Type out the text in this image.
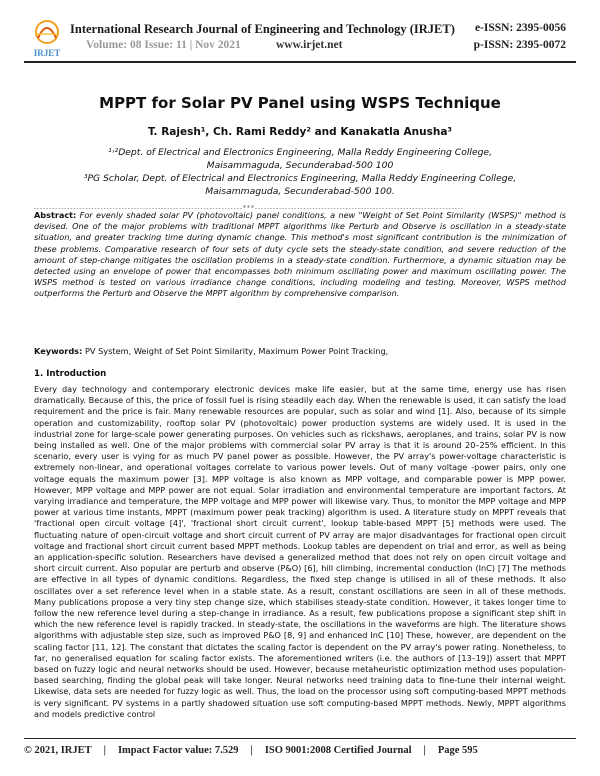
IRJET
International Research Journal of Engineering and Technology (IRJET)
Volume: 08 Issue: 11 | Nov 2021	www.irjet.net
e-ISSN: 2395-0056
p-ISSN: 2395-0072
MPPT for Solar PV Panel using WSPS Technique
T. Rajesh¹, Ch. Rami Reddy² and Kanakatla Anusha³
¹˒²Dept. of Electrical and Electronics Engineering, Malla Reddy Engineering College, Maisammaguda, Secunderabad-500 100
³PG Scholar, Dept. of Electrical and Electronics Engineering, Malla Reddy Engineering College, Maisammaguda, Secunderabad-500 100.
---------------------------------------------------------------------***---------------------------------------------------------------------
Abstract: For evenly shaded solar PV (photovoltaic) panel conditions, a new "Weight of Set Point Similarity (WSPS)" method is devised. One of the major problems with traditional MPPT algorithms like Perturb and Observe is oscillation in a steady-state situation, and greater tracking time during dynamic change. This method's most significant contribution is the minimization of these problems. Comparative research of four sets of duty cycle sets the steady-state condition, and severe reduction of the amount of step-change mitigates the oscillation problems in a steady-state condition. Furthermore, a dynamic situation may be detected using an envelope of power that encompasses both minimum oscillating power and maximum oscillating power. The WSPS method is tested on various irradiance change conditions, including modeling and testing. Moreover, WSPS method outperforms the Perturb and Observe the MPPT algorithm by comprehensive comparison.
Keywords: PV System, Weight of Set Point Similarity, Maximum Power Point Tracking,
1. Introduction

Every day technology and contemporary electronic devices make life easier, but at the same time, energy use has risen dramatically. Because of this, the price of fossil fuel is rising steadily each day. When the renewable is used, it can satisfy the load requirement and the price is fair. Many renewable resources are popular, such as solar and wind [1]. Also, because of its simple operation and customizability, rooftop solar PV (photovoltaic) power production systems are widely used. It is used in the industrial zone for large-scale power generating purposes. On vehicles such as rickshaws, aeroplanes, and trains, solar PV is now being installed as well. One of the major problems with commercial solar PV array is that it is around 20–25% efficient. In this scenario, every user is vying for as much PV panel power as possible. However, the PV array's power-voltage characteristic is extremely non-linear, and operational voltages correlate to various power levels. Out of many voltage -power pairs, only one voltage equals the maximum power [3]. MPP voltage is also known as MPP voltage, and comparable power is MPP power. However, MPP voltage and MPP power are not equal. Solar irradiation and environmental temperature are important factors. At varying irradiance and temperature, the MPP voltage and MPP power will likewise vary. Thus, to monitor the MPP voltage and MPP power at various time instants, MPPT (maximum power peak tracking) algorithm is used. A literature study on MPPT reveals that 'fractional open circuit voltage [4]', 'fractional short circuit current', lookup table-based MPPT [5] methods were used. The fluctuating nature of open-circuit voltage and short circuit current of PV array are major disadvantages for fractional open circuit voltage and fractional short circuit current based MPPT methods. Lookup tables are dependent on trial and error, as well as being an application-specific solution. Researchers have devised a generalized method that does not rely on open circuit voltage and short circuit current. Also popular are perturb and observe (P&O) [6], hill climbing, incremental conduction (InC) [7] The methods are effective in all types of dynamic conditions. Regardless, the fixed step change is utilised in all of these methods. It also oscillates over a set reference level when in a stable state. As a result, constant oscillations are seen in all of these methods. Many publications propose a very tiny step change size, which stabilises steady-state condition. However, it takes longer time to follow the new reference level during a step-change in irradiance. As a result, few publications propose a significant step shift in which the new reference level is rapidly tracked. In steady-state, the oscillations in the waveforms are high. The literature shows algorithms with adjustable step size, such as improved P&O [8, 9] and enhanced InC [10] These, however, are dependent on the scaling factor [11, 12]. The constant that dictates the scaling factor is dependent on the PV array's power rating. Nonetheless, to far, no generalised equation for scaling factor exists. The aforementioned writers (i.e. the authors of [13–19]) assert that MPPT based on fuzzy logic and neural networks should be used. However, because metaheuristic optimization method uses population-based searching, finding the global peak will take longer. Neural networks need training data to fine-tune their internal weight. Likewise, data sets are needed for fuzzy logic as well. Thus, the load on the processor using soft computing-based MPPT methods is very significant. PV systems in a partly shadowed situation use soft computing-based MPPT methods. Newly, MPPT algorithms and models predictive control

© 2021, IRJET	|	Impact Factor value: 7.529	|	ISO 9001:2008 Certified Journal	|	Page 595
